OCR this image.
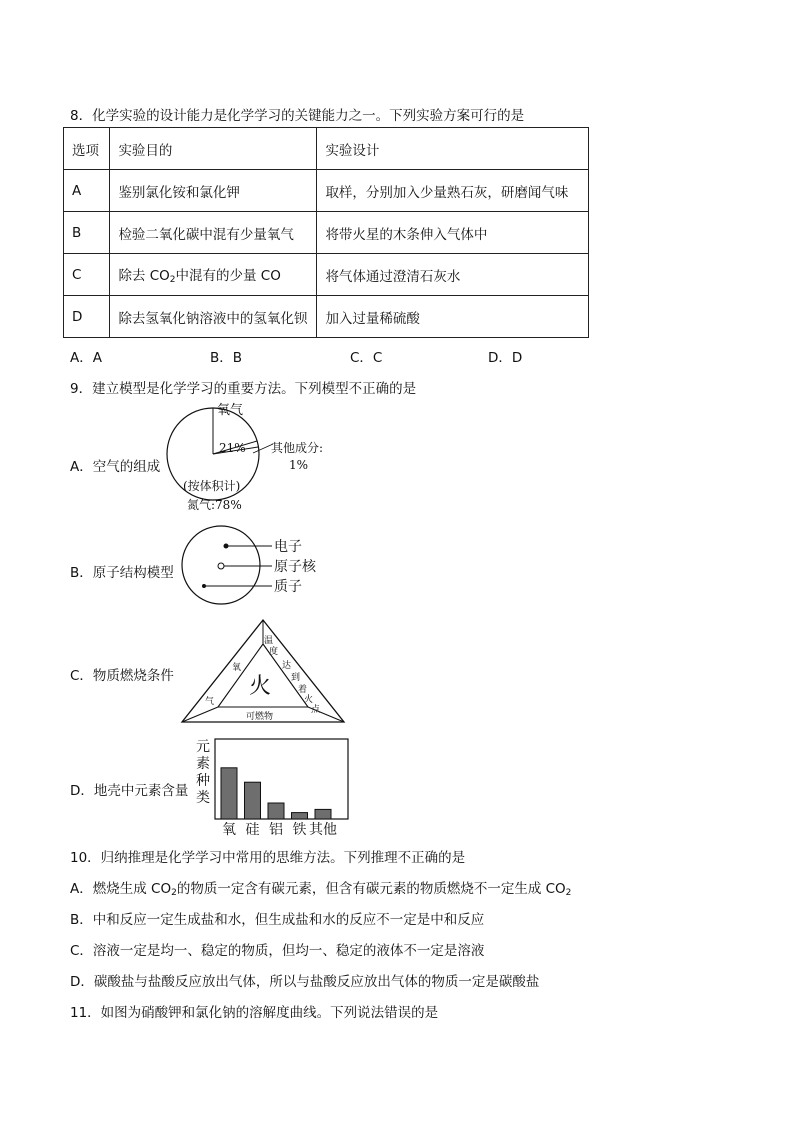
8．化学实验的设计能力是化学学习的关键能力之一。下列实验方案可行的是
选项	实验目的	实验设计
A	鉴别氯化铵和氯化钾	取样，分别加入少量熟石灰，研磨闻气味
B	检验二氧化碳中混有少量氧气	将带火星的木条伸入气体中
C	除去 $CO_2$中混有的少量 CO	将气体通过澄清石灰水
D	除去氢氧化钠溶液中的氢氧化钡	加入过量稀硫酸
A．A	B．B	C．C	D．D
9．建立模型是化学学习的重要方法。下列模型不正确的是
A．空气的组成
氧气
21% 其他成分:
1%
(按体积计)
氮气:78%
B．原子结构模型
电子
原子核
质子
C．物质燃烧条件	火
氧
气
温
度
达
到
着
火
点
可燃物
D．地壳中元素含量
元
素
种
类
氧 硅 铝 铁 其他
10．归纳推理是化学学习中常用的思维方法。下列推理不正确的是
A．燃烧生成 $CO_2$的物质一定含有碳元素，但含有碳元素的物质燃烧不一定生成 $CO_2$
B．中和反应一定生成盐和水，但生成盐和水的反应不一定是中和反应
C．溶液一定是均一、稳定的物质，但均一、稳定的液体不一定是溶液
D．碳酸盐与盐酸反应放出气体，所以与盐酸反应放出气体的物质一定是碳酸盐
11．如图为硝酸钾和氯化钠的溶解度曲线。下列说法错误的是
